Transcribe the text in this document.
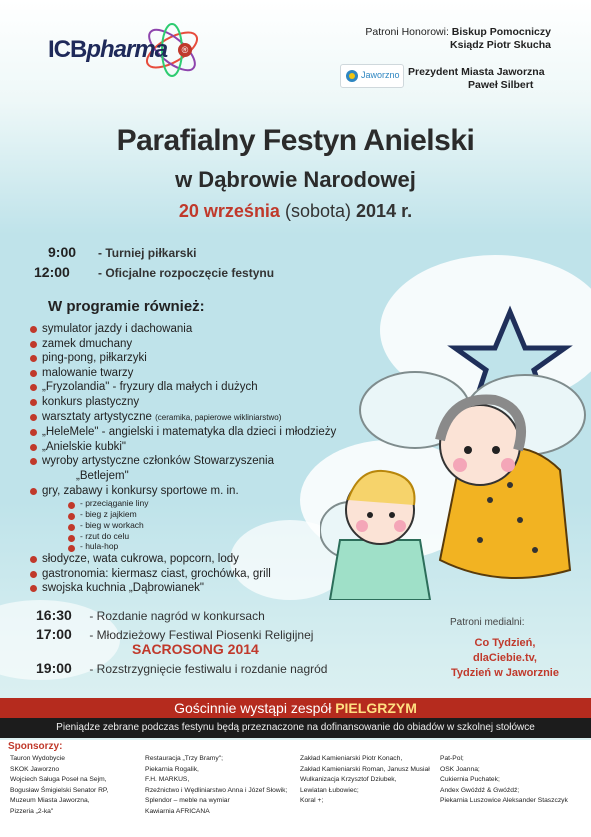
ICBpharma	®
Patroni Honorowi: Biskup Pomocniczy
Ksiądz Piotr Skucha
Jaworzno Prezydent Miasta Jaworzna
Paweł Silbert
Parafialny Festyn Anielski
w Dąbrowie Narodowej
20 września (sobota) 2014 r.
9:00 - Turniej piłkarski
12:00 - Oficjalne rozpoczęcie festynu
W programie również:
symulator jazdy i dachowania
zamek dmuchany
ping-pong, piłkarzyki
malowanie twarzy
„Fryzolandia" - fryzury dla małych i dużych
konkurs plastyczny
warsztaty artystyczne (ceramika, papierowe wikliniarstwo)
„HeleMele" - angielski i matematyka dla dzieci i młodzieży
„Anielskie kubki"
wyroby artystyczne członków Stowarzyszenia
„Betlejem"
gry, zabawy i konkursy sportowe m. in.
- przeciąganie liny
- bieg z jajkiem
- bieg w workach
- rzut do celu
- hula-hop
słodycze, wata cukrowa, popcorn, lody
gastronomia: kiermasz ciast, grochówka, grill
swojska kuchnia „Dąbrowianek"
16:30 - Rozdanie nagród w konkursach
17:00 - Młodzieżowy Festiwal Piosenki Religijnej
SACROSONG 2014
19:00 - Rozstrzygnięcie festiwalu i rozdanie nagród
Patroni medialni:
Co Tydzień,
dlaCiebie.tv,
Tydzień w Jaworznie
Gościnnie wystąpi zespół PIELGRZYM
Pieniądze zebrane podczas festynu będą przeznaczone na dofinansowanie do obiadów w szkolnej stołówce
Tauron Wydobycie
SKOK Jaworzno
Wojciech Saługa Poseł na Sejm,
Bogusław Śmigielski Senator RP,
Muzeum Miasta Jaworzna,
Pizzeria „2-ka"
Restauracja „Trzy Bramy";
Piekarnia Rogalik,
F.H. MARKUS,
Rzeźnictwo i Wędliniarstwo Anna i Józef Słowik;
Splendor – meble na wymiar
Kawiarnia AFRICANA
Zakład Kamieniarski Piotr Konach,
Zakład Kamieniarski Roman, Janusz Musiał
Wulkanizacja Krzysztof Dziubek,
Lewiatan Łubowiec;
Koral +;
Pat-Pol;
OSK Joanna;
Cukiernia Puchatek;
Andex Gwóźdź & Gwóźdź;
Piekarnia Luszowice Aleksander Staszczyk
Sponsorzy:
